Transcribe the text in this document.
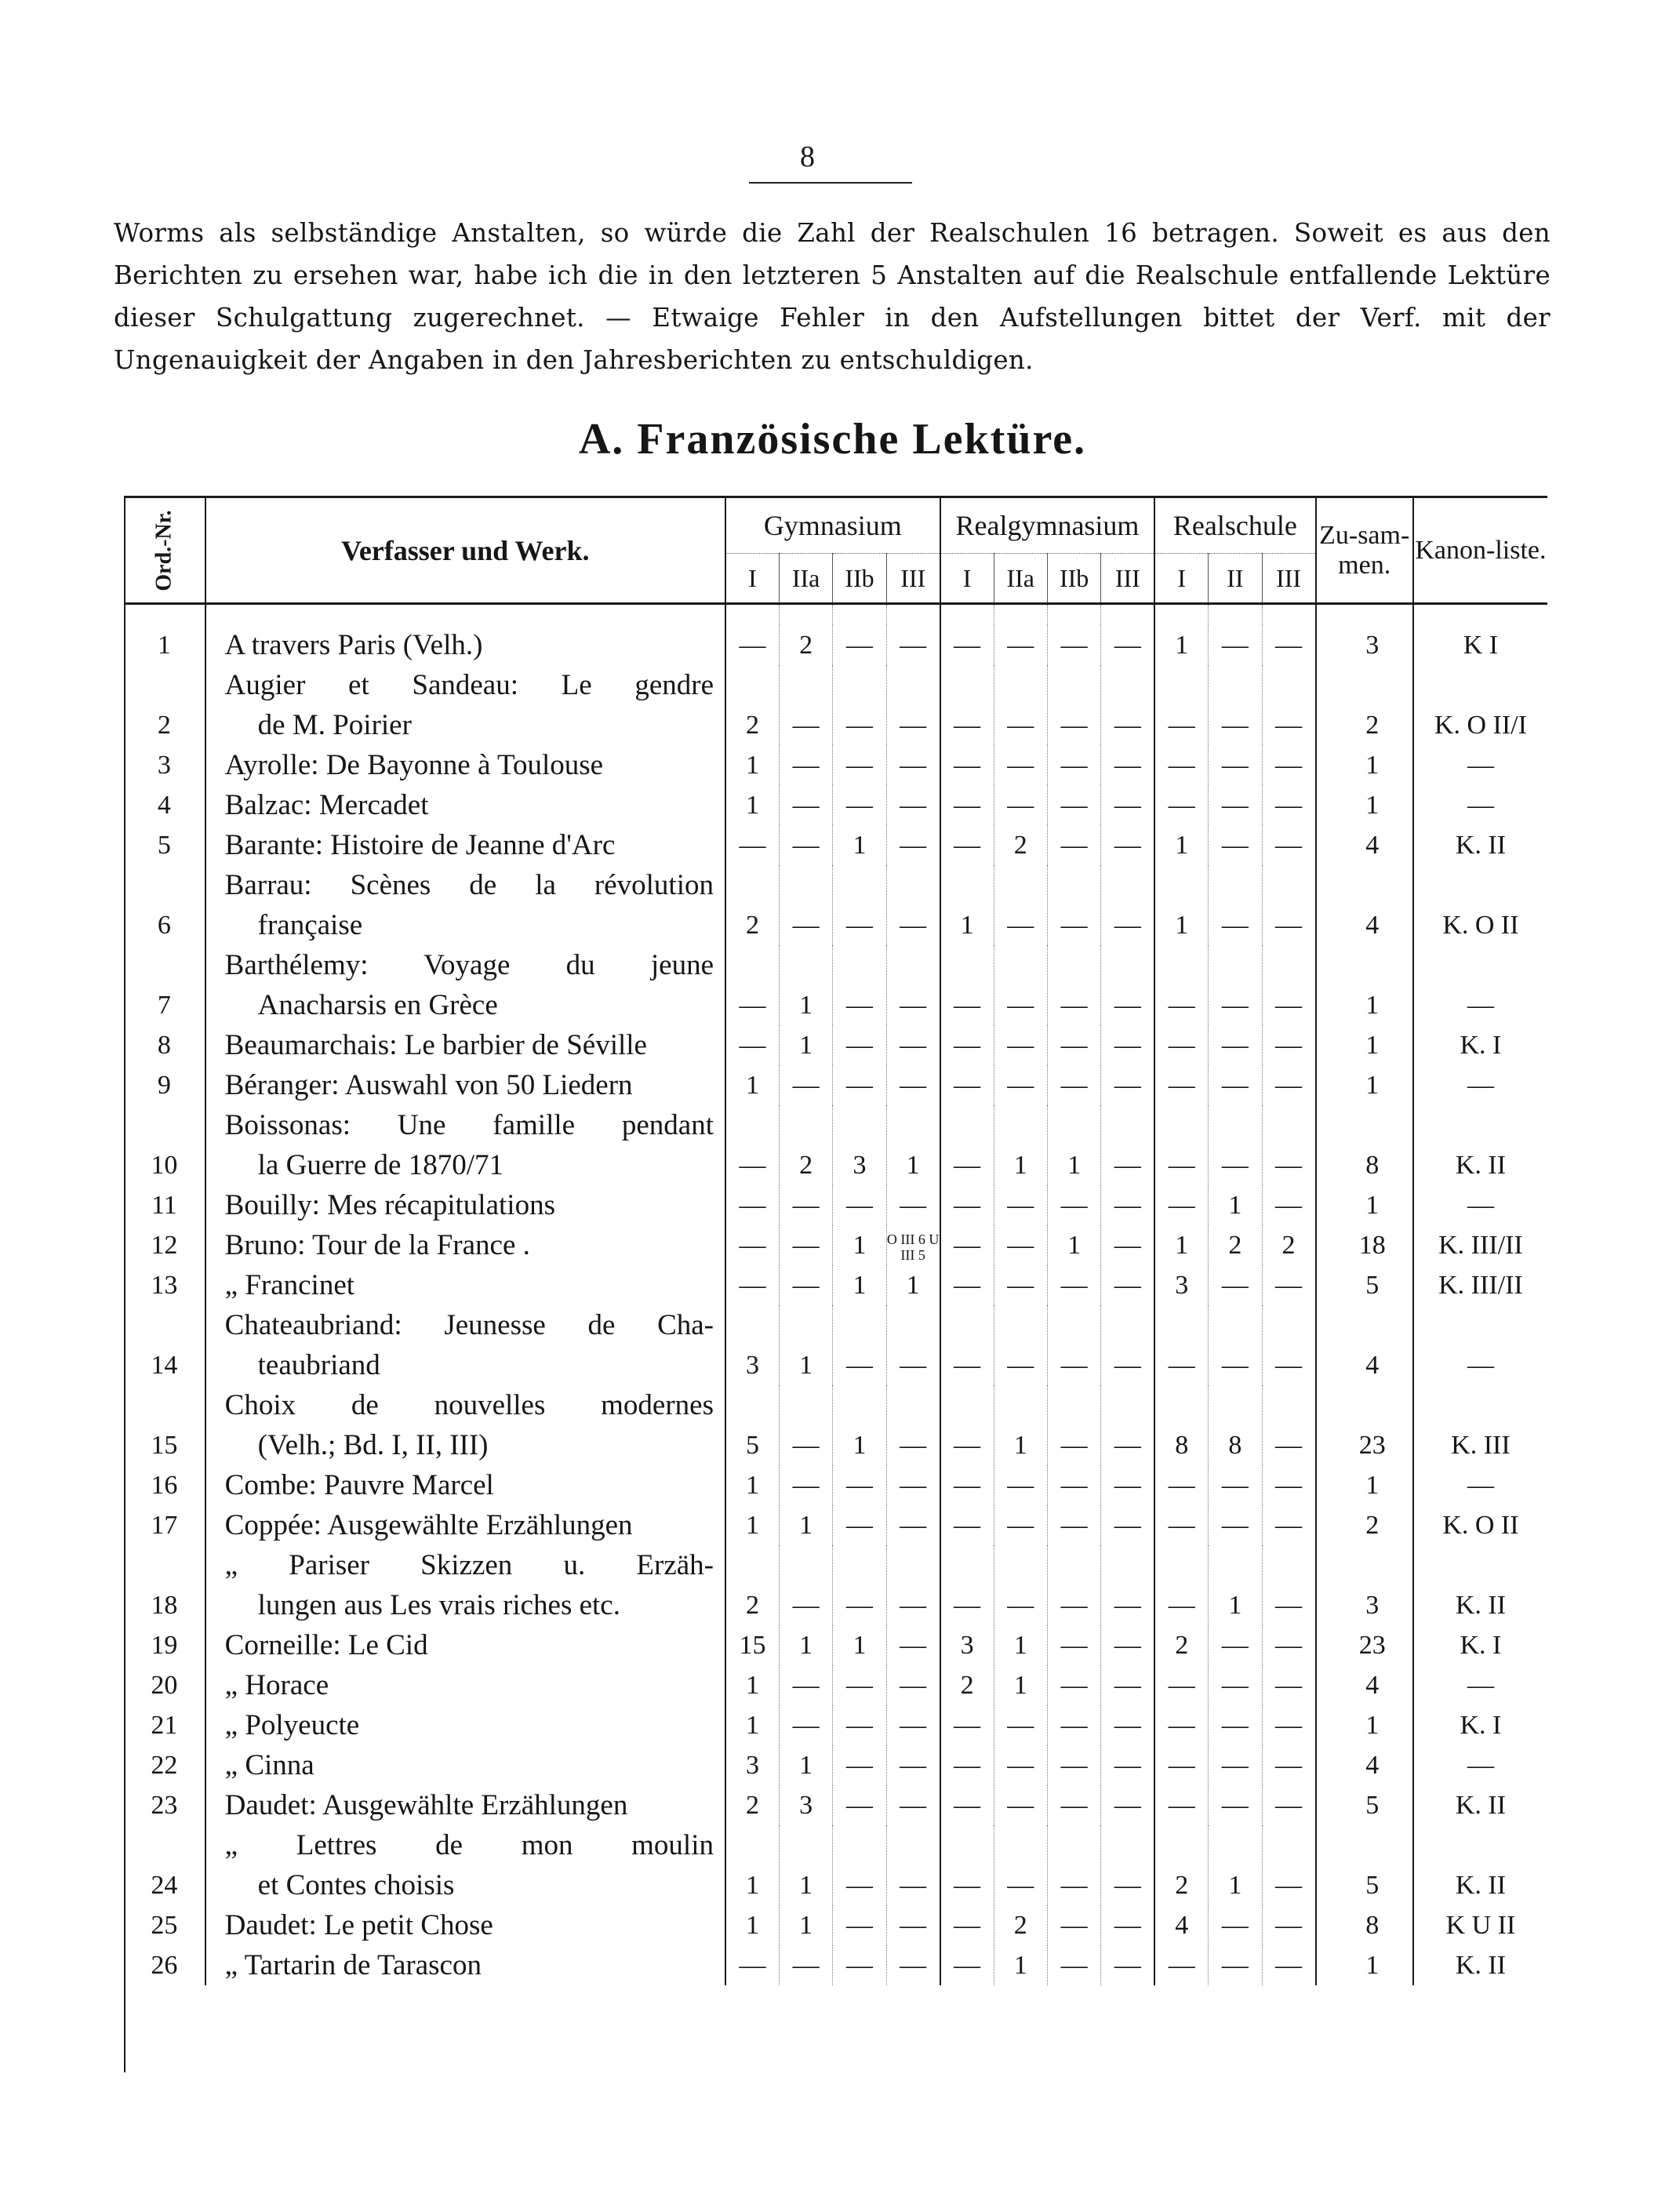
8

Worms als selbständige Anstalten, so würde die Zahl der Realschulen 16 betragen. Soweit es aus den Berichten zu ersehen war, habe ich die in den letzteren 5 Anstalten auf die Realschule entfallende Lektüre dieser Schulgattung zugerechnet. — Etwaige Fehler in den Aufstellungen bittet der Verf. mit der Ungenauigkeit der Angaben in den Jahresberichten zu entschuldigen.

A. Französische Lektüre.
Ord.-Nr.	Verfasser und Werk.	Gymnasium				Realgymnasium				Realschule			Zu-sam-men.	Kanon-liste.
		I	IIa	IIb	III	I	IIa	IIb	III	I	II	III		

1	A travers Paris (Velh.)	—	2	—	—	—	—	—	—	1	—	—	3	K I
2	Augier et Sandeau: Le gendre
de M. Poirier	2	—	—	—	—	—	—	—	—	—	—	2	K. O II/I
3	Ayrolle: De Bayonne à Toulouse	1	—	—	—	—	—	—	—	—	—	—	1	—
4	Balzac: Mercadet	1	—	—	—	—	—	—	—	—	—	—	1	—
5	Barante: Histoire de Jeanne d'Arc	—	—	1	—	—	2	—	—	1	—	—	4	K. II
6	Barrau: Scènes de la révolution
française	2	—	—	—	1	—	—	—	1	—	—	4	K. O II
7	Barthélemy: Voyage du jeune
Anacharsis en Grèce	—	1	—	—	—	—	—	—	—	—	—	1	—
8	Beaumarchais: Le barbier de Séville	—	1	—	—	—	—	—	—	—	—	—	1	K. I
9	Béranger: Auswahl von 50 Liedern	1	—	—	—	—	—	—	—	—	—	—	1	—
10	Boissonas: Une famille pendant
la Guerre de 1870/71	—	2	3	1	—	1	1	—	—	—	—	8	K. II
11	Bouilly: Mes récapitulations	—	—	—	—	—	—	—	—	—	1	—	1	—
12	Bruno: Tour de la France .	—	—	1	O III 6 U III 5	—	—	1	—	1	2	2	18	K. III/II
13	„ Francinet	—	—	1	1	—	—	—	—	3	—	—	5	K. III/II
14	Chateaubriand: Jeunesse de Cha-
teaubriand	3	1	—	—	—	—	—	—	—	—	—	4	—
15	Choix de nouvelles modernes
(Velh.; Bd. I, II, III)	5	—	1	—	—	1	—	—	8	8	—	23	K. III
16	Combe: Pauvre Marcel	1	—	—	—	—	—	—	—	—	—	—	1	—
17	Coppée: Ausgewählte Erzählungen	1	1	—	—	—	—	—	—	—	—	—	2	K. O II
18	„ Pariser Skizzen u. Erzäh-
lungen aus Les vrais riches etc.	2	—	—	—	—	—	—	—	—	1	—	3	K. II
19	Corneille: Le Cid	15	1	1	—	3	1	—	—	2	—	—	23	K. I
20	„ Horace	1	—	—	—	2	1	—	—	—	—	—	4	—
21	„ Polyeucte	1	—	—	—	—	—	—	—	—	—	—	1	K. I
22	„ Cinna	3	1	—	—	—	—	—	—	—	—	—	4	—
23	Daudet: Ausgewählte Erzählungen	2	3	—	—	—	—	—	—	—	—	—	5	K. II
24	„ Lettres de mon moulin
et Contes choisis	1	1	—	—	—	—	—	—	2	1	—	5	K. II
25	Daudet: Le petit Chose	1	1	—	—	—	2	—	—	4	—	—	8	K U II
26	„ Tartarin de Tarascon	—	—	—	—	—	1	—	—	—	—	—	1	K. II
